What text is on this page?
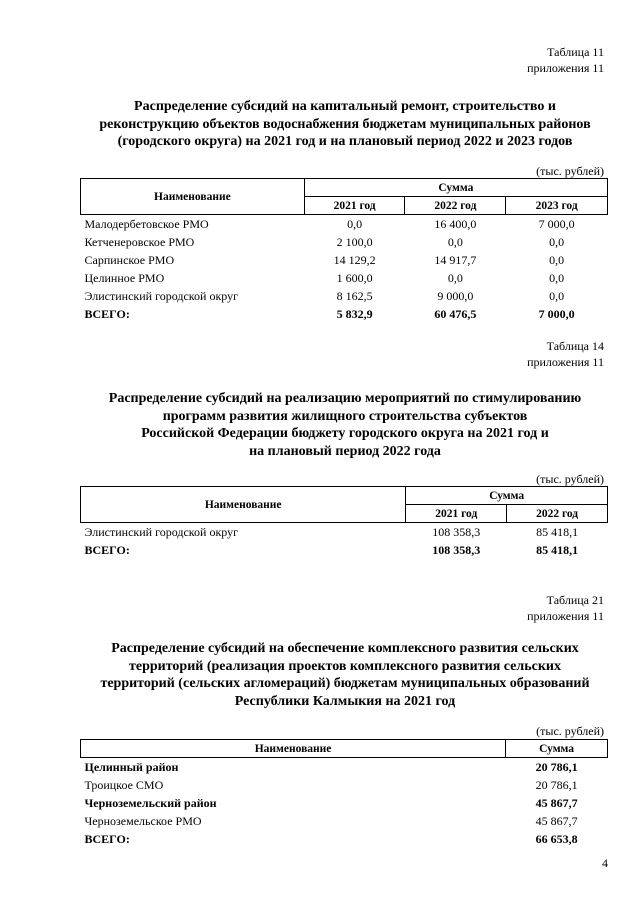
Таблица 11
приложения 11
Распределение субсидий на капитальный ремонт, строительство и
реконструкцию объектов водоснабжения бюджетам муниципальных районов
(городского округа) на 2021 год и на плановый период 2022 и 2023 годов
(тыс. рублей)
Наименование	Сумма		
	2021 год	2022 год	2023 год
Малодербетовское РМО	0,0	16 400,0	7 000,0
Кетченеровское РМО	2 100,0	0,0	0,0
Сарпинское РМО	14 129,2	14 917,7	0,0
Целинное РМО	1 600,0	0,0	0,0
Элистинский городской округ	8 162,5	9 000,0	0,0
ВСЕГО:	5 832,9	60 476,5	7 000,0
Таблица 14
приложения 11
Распределение субсидий на реализацию мероприятий по стимулированию
программ развития жилищного строительства субъектов
Российской Федерации бюджету городского округа на 2021 год и
на плановый период 2022 года
(тыс. рублей)
Наименование	Сумма	
	2021 год	2022 год
Элистинский городской округ	108 358,3	85 418,1
ВСЕГО:	108 358,3	85 418,1
Таблица 21
приложения 11
Распределение субсидий на обеспечение комплексного развития сельских
территорий (реализация проектов комплексного развития сельских
территорий (сельских агломераций) бюджетам муниципальных образований
Республики Калмыкия на 2021 год
(тыс. рублей)
Наименование	Сумма
Целинный район	20 786,1
Троицкое СМО	20 786,1
Черноземельский район	45 867,7
Черноземельское РМО	45 867,7
ВСЕГО:	66 653,8
4
